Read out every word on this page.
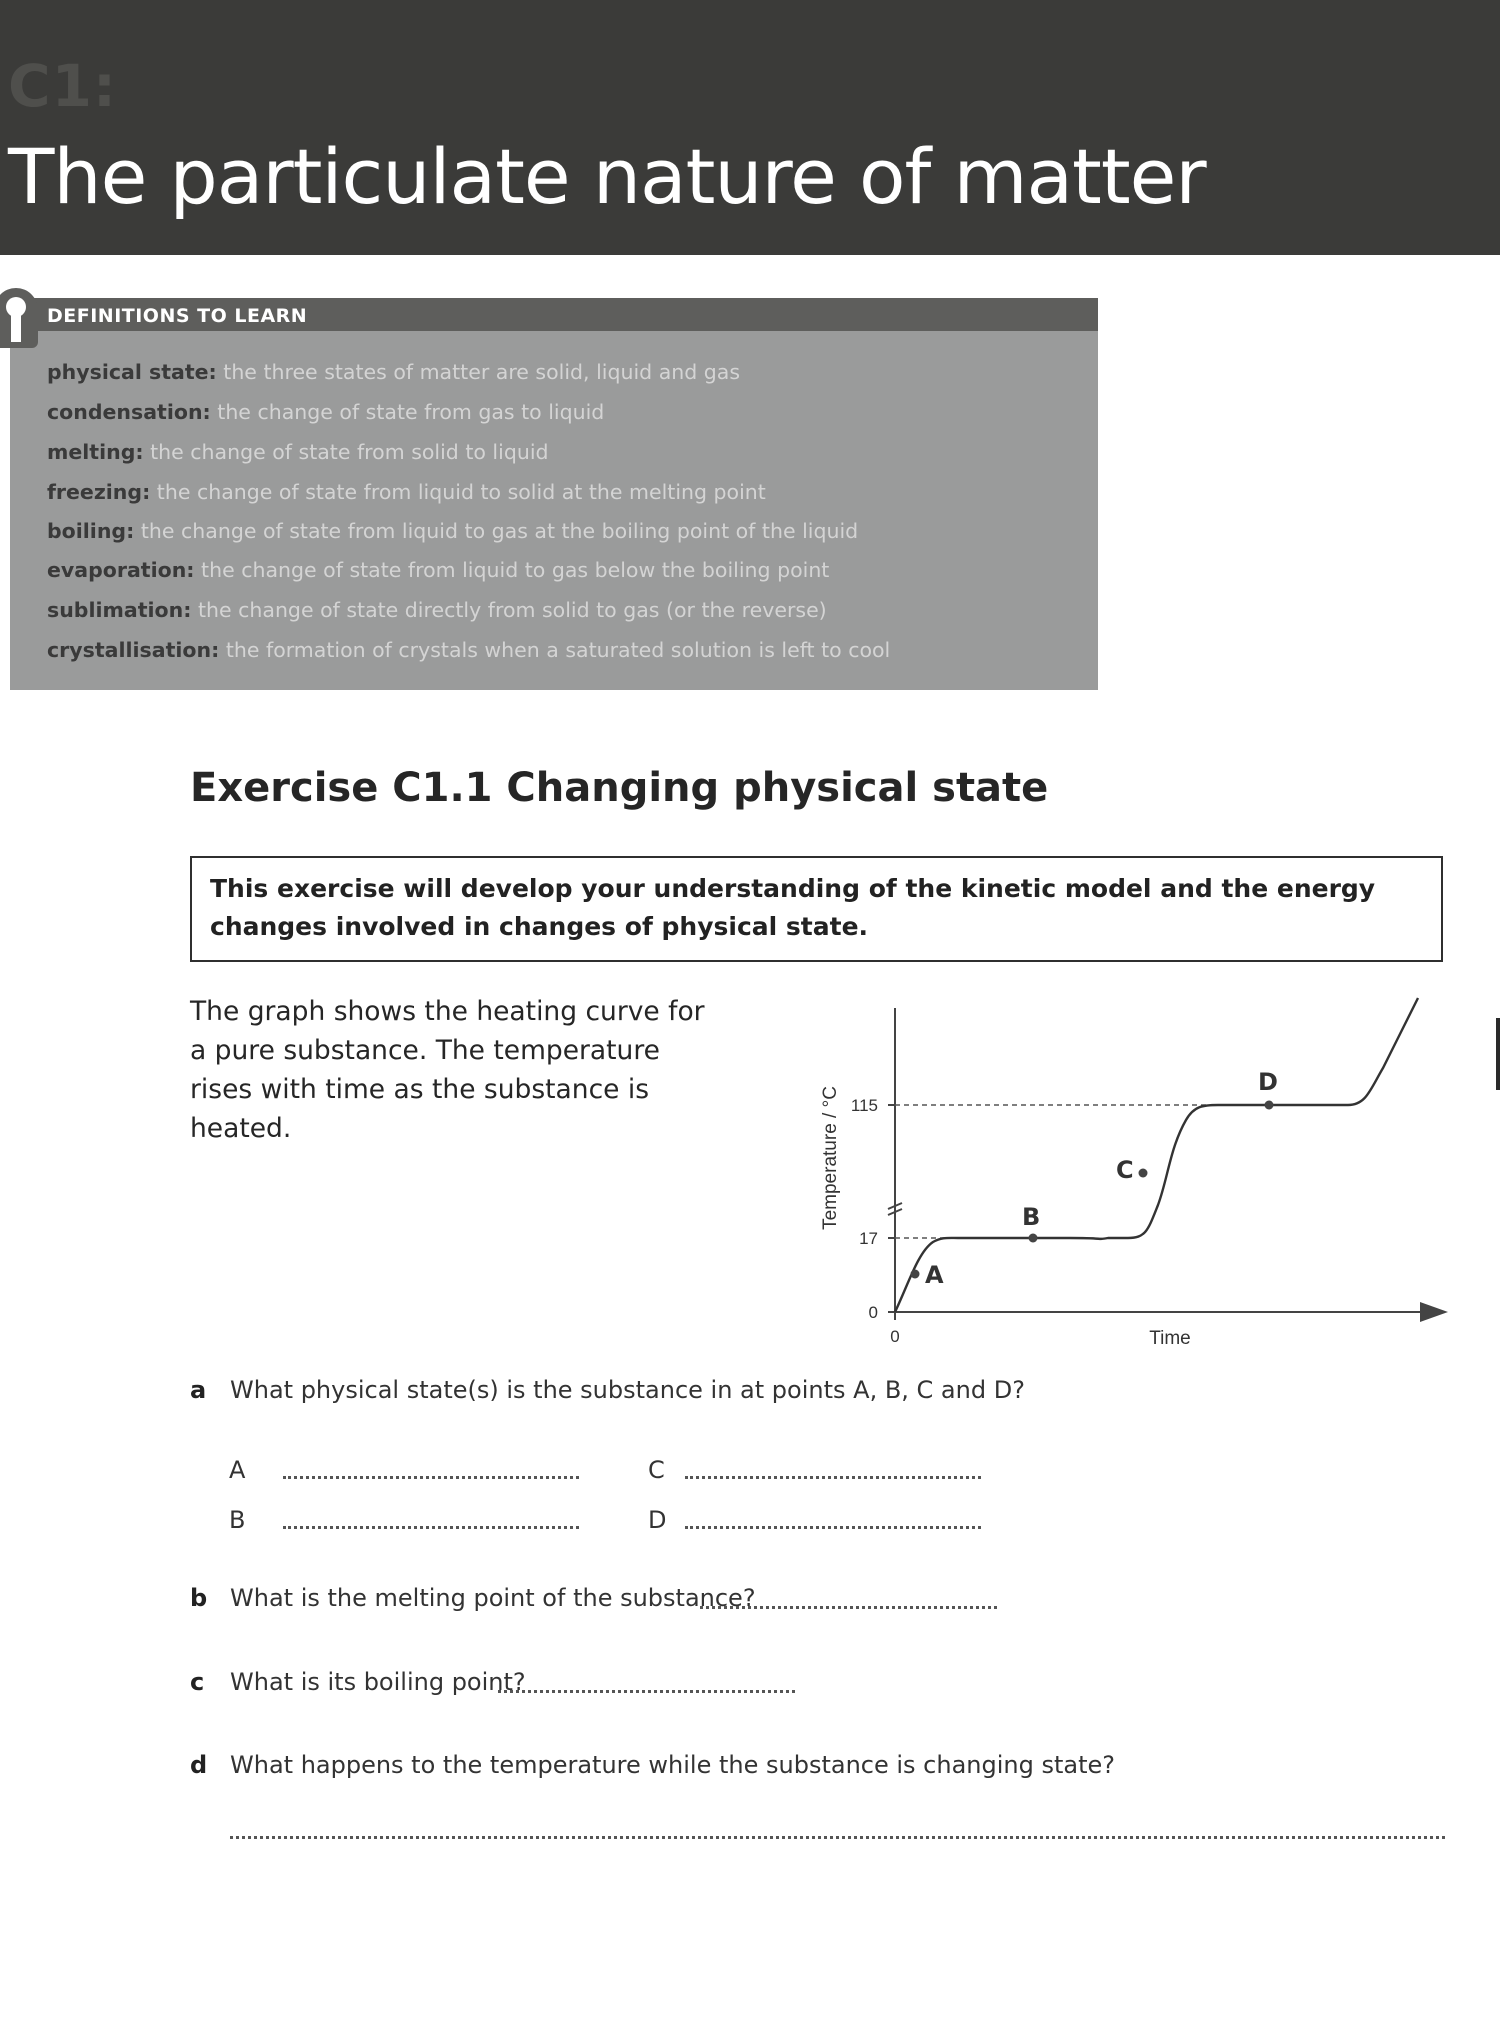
C1:
The particulate nature of matter
DEFINITIONS TO LEARN
physical state: the three states of matter are solid, liquid and gas
condensation: the change of state from gas to liquid
melting: the change of state from solid to liquid
freezing: the change of state from liquid to solid at the melting point
boiling: the change of state from liquid to gas at the boiling point of the liquid
evaporation: the change of state from liquid to gas below the boiling point
sublimation: the change of state directly from solid to gas (or the reverse)
crystallisation: the formation of crystals when a saturated solution is left to cool
Exercise C1.1 Changing physical state
This exercise will develop your understanding of the kinetic model and the energy changes involved in changes of physical state.
The graph shows the heating curve for a pure substance. The temperature rises with time as the substance is heated.
115
17
0
0
Temperature / °C
Time
A
B
C
D
a What physical state(s) is the substance in at points A, B, C and D?
A	C
B	D
b What is the melting point of the substance?
c What is its boiling point?
d What happens to the temperature while the substance is changing state?
